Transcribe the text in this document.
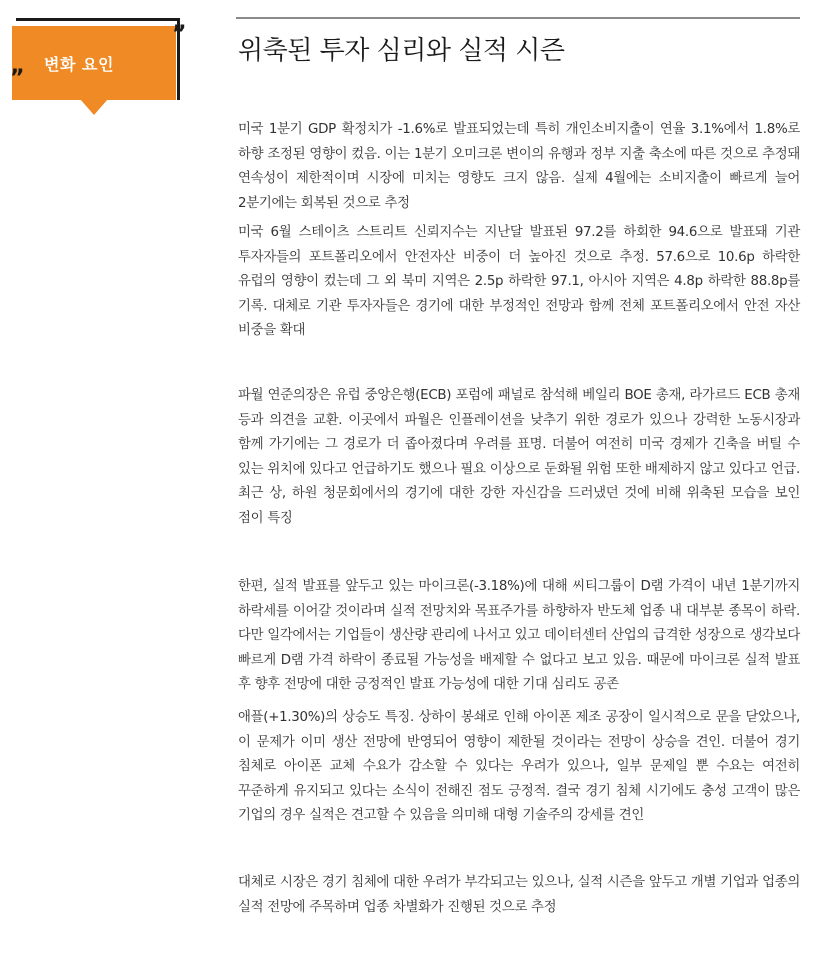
변화 요인
”
”
위축된 투자 심리와 실적 시즌

미국 1분기 GDP 확정치가 -1.6%로 발표되었는데 특히 개인소비지출이 연율 3.1%에서 1.8%로 하향 조정된 영향이 컸음. 이는 1분기 오미크론 변이의 유행과 정부 지출 축소에 따른 것으로 추정돼 연속성이 제한적이며 시장에 미치는 영향도 크지 않음. 실제 4월에는 소비지출이 빠르게 늘어 2분기에는 회복된 것으로 추정

미국 6월 스테이츠 스트리트 신뢰지수는 지난달 발표된 97.2를 하회한 94.6으로 발표돼 기관 투자자들의 포트폴리오에서 안전자산 비중이 더 높아진 것으로 추정. 57.6으로 10.6p 하락한 유럽의 영향이 컸는데 그 외 북미 지역은 2.5p 하락한 97.1, 아시아 지역은 4.8p 하락한 88.8p를 기록. 대체로 기관 투자자들은 경기에 대한 부정적인 전망과 함께 전체 포트폴리오에서 안전 자산 비중을 확대

파월 연준의장은 유럽 중앙은행(ECB) 포럼에 패널로 참석해 베일리 BOE 총재, 라가르드 ECB 총재 등과 의견을 교환. 이곳에서 파월은 인플레이션을 낮추기 위한 경로가 있으나 강력한 노동시장과 함께 가기에는 그 경로가 더 좁아졌다며 우려를 표명. 더불어 여전히 미국 경제가 긴축을 버틸 수 있는 위치에 있다고 언급하기도 했으나 필요 이상으로 둔화될 위험 또한 배제하지 않고 있다고 언급. 최근 상, 하원 청문회에서의 경기에 대한 강한 자신감을 드러냈던 것에 비해 위축된 모습을 보인 점이 특징

한편, 실적 발표를 앞두고 있는 마이크론(-3.18%)에 대해 씨티그룹이 D램 가격이 내년 1분기까지 하락세를 이어갈 것이라며 실적 전망치와 목표주가를 하향하자 반도체 업종 내 대부분 종목이 하락. 다만 일각에서는 기업들이 생산량 관리에 나서고 있고 데이터센터 산업의 급격한 성장으로 생각보다 빠르게 D램 가격 하락이 종료될 가능성을 배제할 수 없다고 보고 있음. 때문에 마이크론 실적 발표 후 향후 전망에 대한 긍정적인 발표 가능성에 대한 기대 심리도 공존

애플(+1.30%)의 상승도 특징. 상하이 봉쇄로 인해 아이폰 제조 공장이 일시적으로 문을 닫았으나, 이 문제가 이미 생산 전망에 반영되어 영향이 제한될 것이라는 전망이 상승을 견인. 더불어 경기 침체로 아이폰 교체 수요가 감소할 수 있다는 우려가 있으나, 일부 문제일 뿐 수요는 여전히 꾸준하게 유지되고 있다는 소식이 전해진 점도 긍정적. 결국 경기 침체 시기에도 충성 고객이 많은 기업의 경우 실적은 견고할 수 있음을 의미해 대형 기술주의 강세를 견인

대체로 시장은 경기 침체에 대한 우려가 부각되고는 있으나, 실적 시즌을 앞두고 개별 기업과 업종의 실적 전망에 주목하며 업종 차별화가 진행된 것으로 추정
